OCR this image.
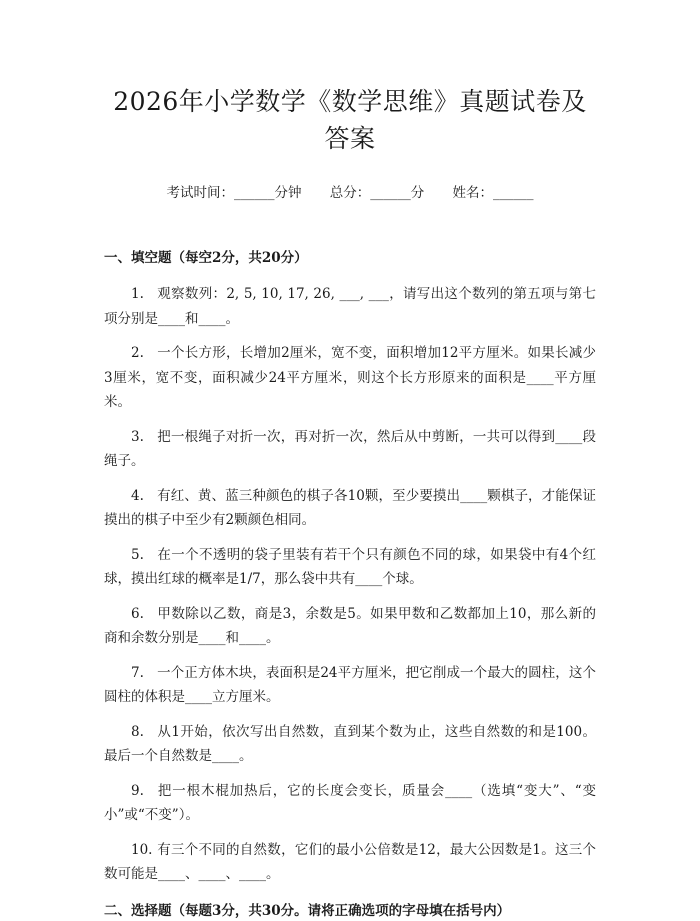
2026年小学数学《数学思维》真题试卷及答案
考试时间：______分钟 总分：______分 姓名：______
一、填空题（每空2分，共20分）
1. 观察数列：2, 5, 10, 17, 26, ___, ___，请写出这个数列的第五项与第七项分别是____和____。
2. 一个长方形，长增加2厘米，宽不变，面积增加12平方厘米。如果长减少3厘米，宽不变，面积减少24平方厘米，则这个长方形原来的面积是____平方厘米。
3. 把一根绳子对折一次，再对折一次，然后从中剪断，一共可以得到____段绳子。
4. 有红、黄、蓝三种颜色的棋子各10颗，至少要摸出____颗棋子，才能保证摸出的棋子中至少有2颗颜色相同。
5. 在一个不透明的袋子里装有若干个只有颜色不同的球，如果袋中有4个红球，摸出红球的概率是1/7，那么袋中共有____个球。
6. 甲数除以乙数，商是3，余数是5。如果甲数和乙数都加上10，那么新的商和余数分别是____和____。
7. 一个正方体木块，表面积是24平方厘米，把它削成一个最大的圆柱，这个圆柱的体积是____立方厘米。
8. 从1开始，依次写出自然数，直到某个数为止，这些自然数的和是100。最后一个自然数是____。
9. 把一根木棍加热后，它的长度会变长，质量会____（选填“变大”、“变小”或“不变”）。
10. 有三个不同的自然数，它们的最小公倍数是12，最大公因数是1。这三个数可能是____、____、____。
二、选择题（每题3分，共30分。请将正确选项的字母填在括号内）
